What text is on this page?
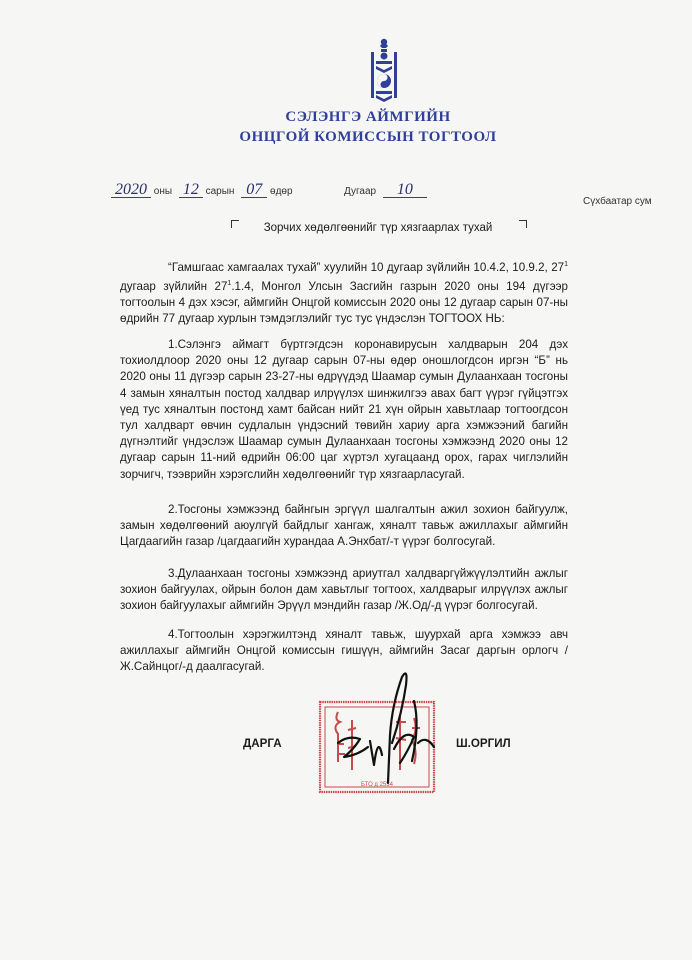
СЭЛЭНГЭ АЙМГИЙН
ОНЦГОЙ КОМИССЫН ТОГТООЛ
2020 оны 12 сарын 07 өдөр	Дугаар 10
Сүхбаатар сум
Зорчих хөдөлгөөнийг түр хязгаарлах тухай

“Гамшгаас хамгаалах тухай” хуулийн 10 дугаар зүйлийн 10.4.2, 10.9.2, $27^1$ дугаар зүйлийн $27^1.1.4$, Монгол Улсын Засгийн газрын 2020 оны 194 дүгээр тогтоолын 4 дэх хэсэг, аймгийн Онцгой комиссын 2020 оны 12 дугаар сарын 07-ны өдрийн 77 дугаар хурлын тэмдэглэлийг тус тус үндэслэн ТОГТООХ НЬ:

1.Сэлэнгэ аймагт бүртгэгдсэн коронавирусын халдварын 204 дэх тохиолдлоор 2020 оны 12 дугаар сарын 07-ны өдөр оношлогдсон иргэн “Б” нь 2020 оны 11 дүгээр сарын 23-27-ны өдрүүдэд Шаамар сумын Дулаанхаан тосгоны 4 замын хяналтын постод халдвар илрүүлэх шинжилгээ авах багт үүрэг гүйцэтгэх үед тус хяналтын постонд хамт байсан нийт 21 хүн ойрын хавьтлаар тогтоогдсон тул халдварт өвчин судлалын үндэсний төвийн хариу арга хэмжээний багийн дүгнэлтийг үндэслэж Шаамар сумын Дулаанхаан тосгоны хэмжээнд 2020 оны 12 дугаар сарын 11-ний өдрийн 06:00 цаг хүртэл хугацаанд орох, гарах чиглэлийн зорчигч, тээврийн хэрэгслийн хөдөлгөөнийг түр хязгаарласугай.

2.Тосгоны хэмжээнд байнгын эргүүл шалгалтын ажил зохион байгуулж, замын хөдөлгөөний аюулгүй байдлыг хангаж, хяналт тавьж ажиллахыг аймгийн Цагдаагийн газар /цагдаагийн хурандаа А.Энхбат/-т үүрэг болгосугай.

3.Дулаанхаан тосгоны хэмжээнд ариутгал халдваргүйжүүлэлтийн ажлыг зохион байгуулах, ойрын болон дам хавьтлыг тогтоох, халдварыг илрүүлэх ажлыг зохион байгуулахыг аймгийн Эрүүл мэндийн газар /Ж.Од/-д үүрэг болгосугай.

4.Тогтоолын хэрэгжилтэнд хяналт тавьж, шуурхай арга хэмжээ авч ажиллахыг аймгийн Онцгой комиссын гишүүн, аймгийн Засаг даргын орлогч /Ж.Сайнцог/-д даалгасугай.

БТО д 2534
ДАРГА	Ш.ОРГИЛ
